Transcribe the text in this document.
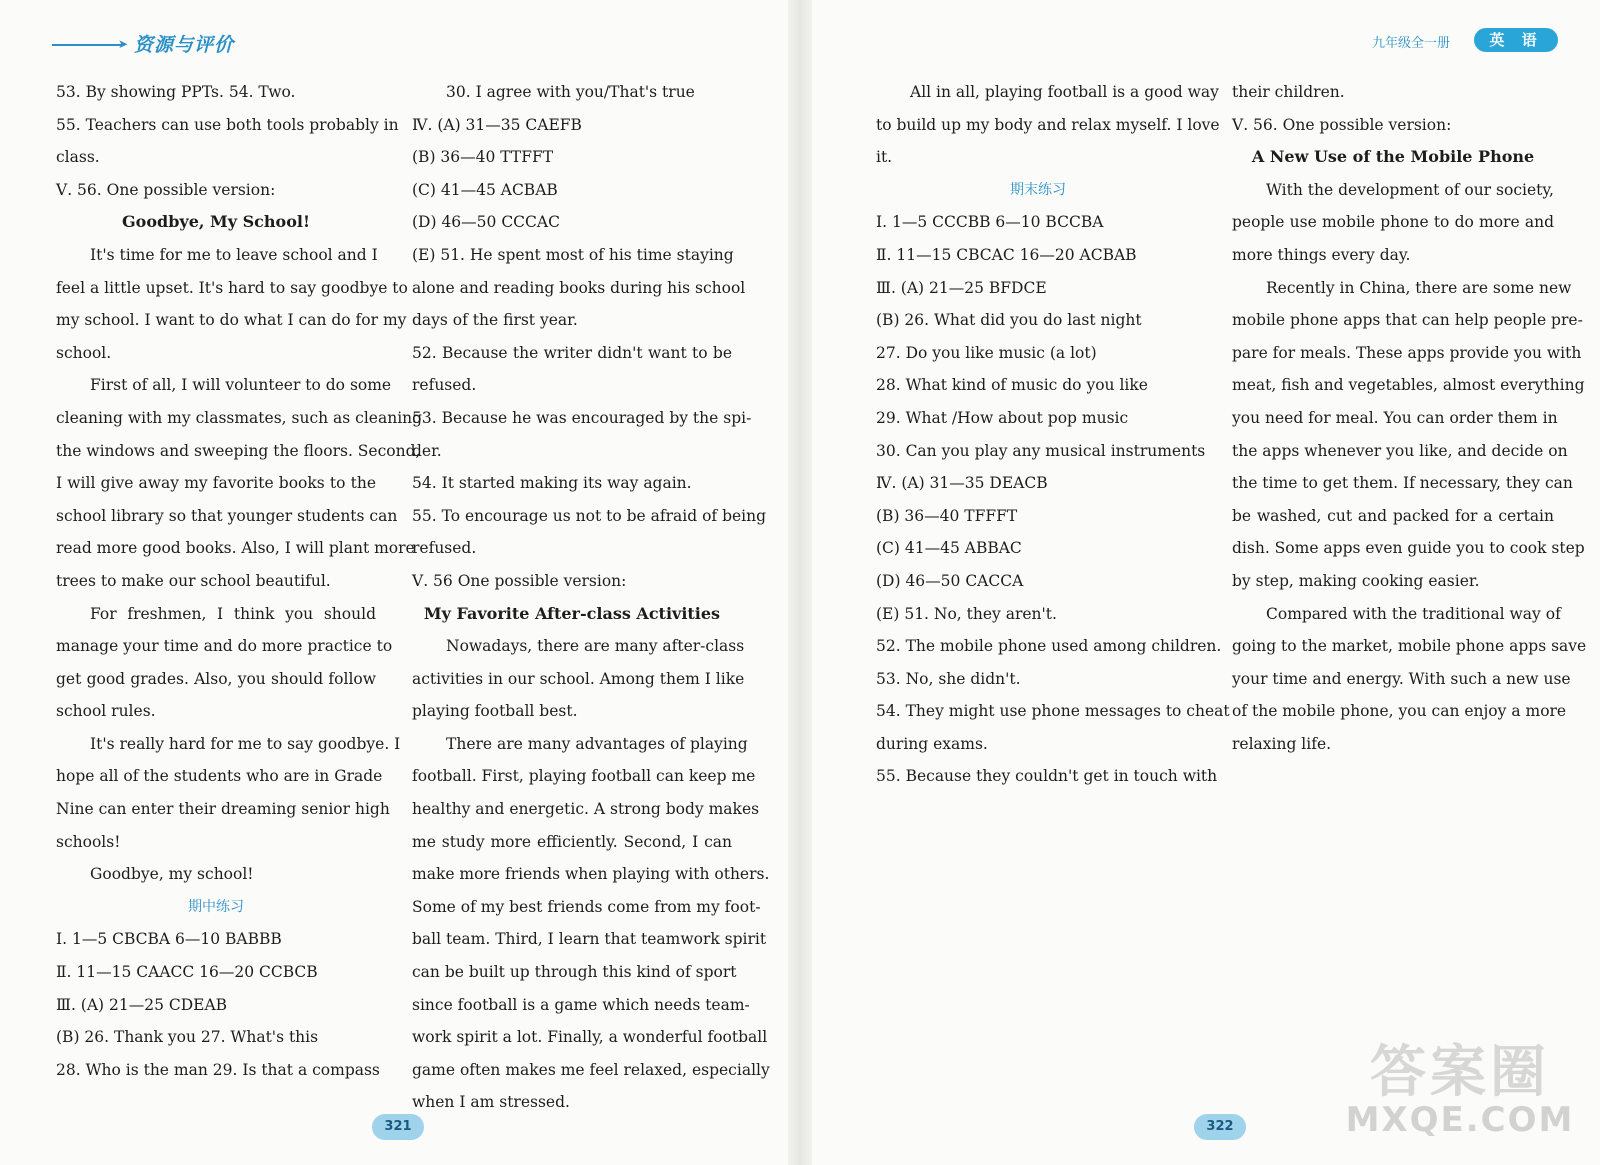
➤ 资源与评价
53. By showing PPTs. 54. Two.
55. Teachers can use both tools probably in
class.
Ⅴ. 56. One possible version:
Goodbye, My School!
It's time for me to leave school and I
feel a little upset. It's hard to say goodbye to
my school. I want to do what I can do for my
school.
First of all, I will volunteer to do some
cleaning with my classmates, such as cleaning
the windows and sweeping the floors. Second,
I will give away my favorite books to the
school library so that younger students can
read more good books. Also, I will plant more
trees to make our school beautiful.
For freshmen, I think you should
manage your time and do more practice to
get good grades. Also, you should follow
school rules.
It's really hard for me to say goodbye. I
hope all of the students who are in Grade
Nine can enter their dreaming senior high
schools!
Goodbye, my school!
期中练习
Ⅰ. 1—5 CBCBA 6—10 BABBB
Ⅱ. 11—15 CAACC 16—20 CCBCB
Ⅲ. (A) 21—25 CDEAB
(B) 26. Thank you 27. What's this
28. Who is the man 29. Is that a compass
30. I agree with you/That's true
Ⅳ. (A) 31—35 CAEFB
(B) 36—40 TTFFT
(C) 41—45 ACBAB
(D) 46—50 CCCAC
(E) 51. He spent most of his time staying
alone and reading books during his school
days of the first year.
52. Because the writer didn't want to be
refused.
53. Because he was encouraged by the spi-
der.
54. It started making its way again.
55. To encourage us not to be afraid of being
refused.
Ⅴ. 56 One possible version:
My Favorite After-class Activities
Nowadays, there are many after-class
activities in our school. Among them I like
playing football best.
There are many advantages of playing
football. First, playing football can keep me
healthy and energetic. A strong body makes
me study more efficiently. Second, I can
make more friends when playing with others.
Some of my best friends come from my foot-
ball team. Third, I learn that teamwork spirit
can be built up through this kind of sport
since football is a game which needs team-
work spirit a lot. Finally, a wonderful football
game often makes me feel relaxed, especially
when I am stressed.
321
九年级全一册	英 语
All in all, playing football is a good way
to build up my body and relax myself. I love
it.
期末练习
Ⅰ. 1—5 CCCBB 6—10 BCCBA
Ⅱ. 11—15 CBCAC 16—20 ACBAB
Ⅲ. (A) 21—25 BFDCE
(B) 26. What did you do last night
27. Do you like music (a lot)
28. What kind of music do you like
29. What /How about pop music
30. Can you play any musical instruments
Ⅳ. (A) 31—35 DEACB
(B) 36—40 TFFFT
(C) 41—45 ABBAC
(D) 46—50 CACCA
(E) 51. No, they aren't.
52. The mobile phone used among children.
53. No, she didn't.
54. They might use phone messages to cheat
during exams.
55. Because they couldn't get in touch with
their children.
Ⅴ. 56. One possible version:
A New Use of the Mobile Phone
With the development of our society,
people use mobile phone to do more and
more things every day.
Recently in China, there are some new
mobile phone apps that can help people pre-
pare for meals. These apps provide you with
meat, fish and vegetables, almost everything
you need for meal. You can order them in
the apps whenever you like, and decide on
the time to get them. If necessary, they can
be washed, cut and packed for a certain
dish. Some apps even guide you to cook step
by step, making cooking easier.
Compared with the traditional way of
going to the market, mobile phone apps save
your time and energy. With such a new use
of the mobile phone, you can enjoy a more
relaxing life.
322
答案圈
MXQE.COM
